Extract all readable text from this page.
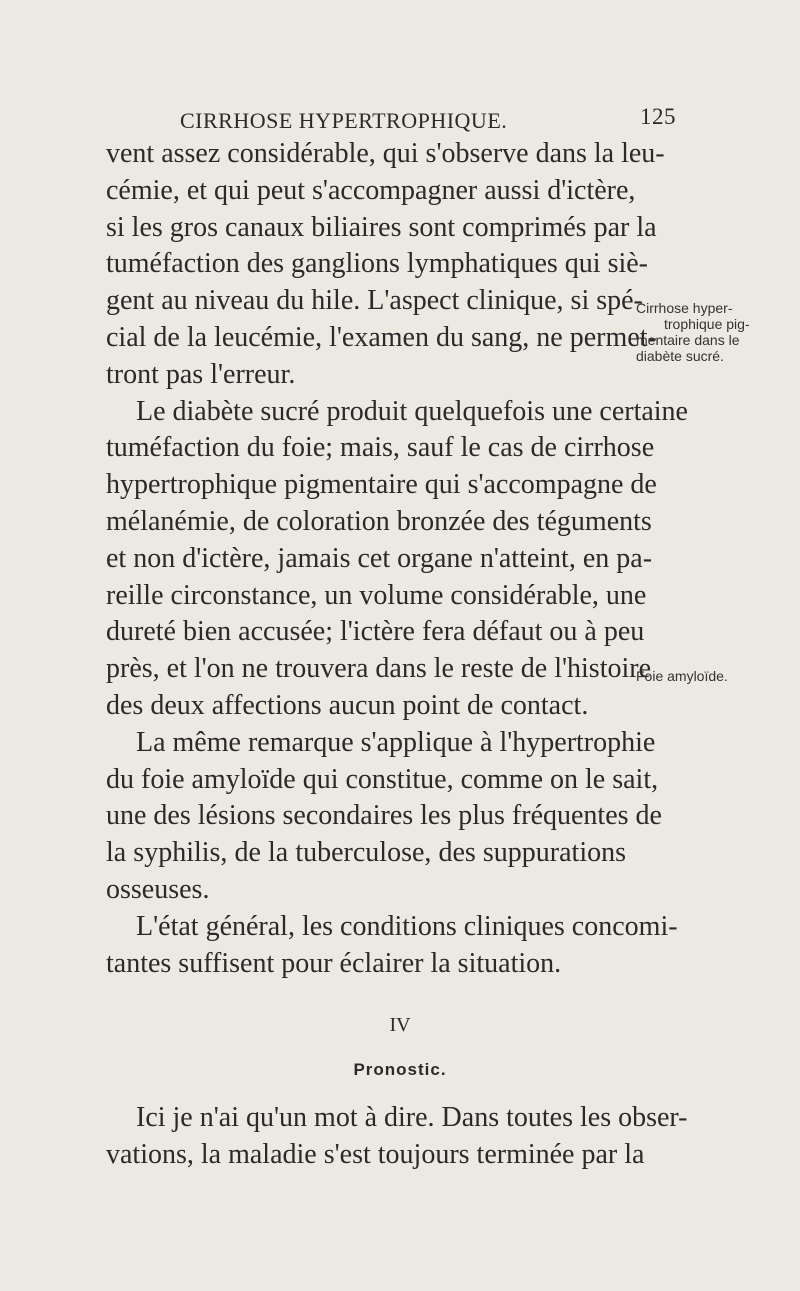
CIRRHOSE HYPERTROPHIQUE.	125

vent assez considérable, qui s'observe dans la leu-
cémie, et qui peut s'accompagner aussi d'ictère,
si les gros canaux biliaires sont comprimés par la
tuméfaction des ganglions lymphatiques qui siè-
gent au niveau du hile. L'aspect clinique, si spé-
cial de la leucémie, l'examen du sang, ne permet-
tront pas l'erreur.

Le diabète sucré produit quelquefois une certaine
tuméfaction du foie; mais, sauf le cas de cirrhose
hypertrophique pigmentaire qui s'accompagne de
mélanémie, de coloration bronzée des téguments
et non d'ictère, jamais cet organe n'atteint, en pa-
reille circonstance, un volume considérable, une
dureté bien accusée; l'ictère fera défaut ou à peu
près, et l'on ne trouvera dans le reste de l'histoire
des deux affections aucun point de contact.

La même remarque s'applique à l'hypertrophie
du foie amyloïde qui constitue, comme on le sait,
une des lésions secondaires les plus fréquentes de
la syphilis, de la tuberculose, des suppurations
osseuses.

L'état général, les conditions cliniques concomi-
tantes suffisent pour éclairer la situation.

Cirrhose hyper-
trophique pig-
mentaire dans le
diabète sucré.
Foie amyloïde.
IV
Pronostic.
Ici je n'ai qu'un mot à dire. Dans toutes les obser-
vations, la maladie s'est toujours terminée par la
